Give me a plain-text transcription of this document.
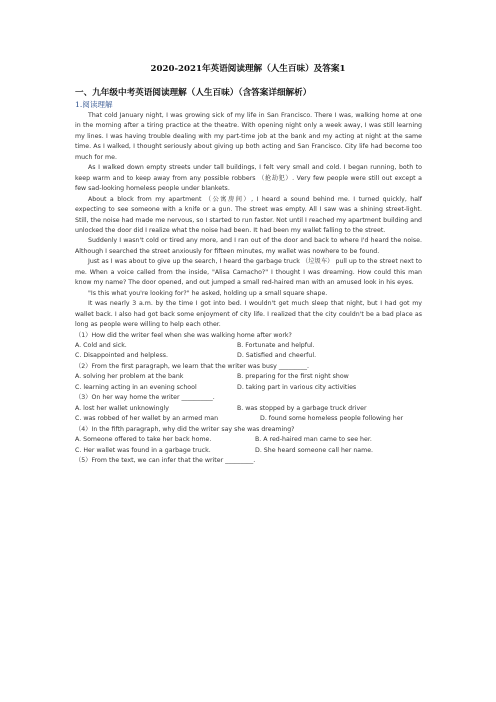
2020-2021年英语阅读理解（人生百味）及答案1
一、九年级中考英语阅读理解（人生百味）（含答案详细解析）
1.阅读理解

That cold January night, I was growing sick of my life in San Francisco. There I was, walking home at one in the morning after a tiring practice at the theatre. With opening night only a week away, I was still learning my lines. I was having trouble dealing with my part-time job at the bank and my acting at night at the same time. As I walked, I thought seriously about giving up both acting and San Francisco. City life had become too much for me.

As I walked down empty streets under tall buildings, I felt very small and cold. I began running, both to keep warm and to keep away from any possible robbers （抢劫犯）. Very few people were still out except a few sad-looking homeless people under blankets.

About a block from my apartment （公寓房间）, I heard a sound behind me. I turned quickly, half expecting to see someone with a knife or a gun. The street was empty. All I saw was a shining street-light. Still, the noise had made me nervous, so I started to run faster. Not until I reached my apartment building and unlocked the door did I realize what the noise had been. It had been my wallet falling to the street.

Suddenly I wasn't cold or tired any more, and I ran out of the door and back to where I'd heard the noise. Although I searched the street anxiously for fifteen minutes, my wallet was nowhere to be found.

Just as I was about to give up the search, I heard the garbage truck （垃圾车） pull up to the street next to me. When a voice called from the inside, "Alisa Camacho?" I thought I was dreaming. How could this man know my name? The door opened, and out jumped a small red-haired man with an amused look in his eyes.

"Is this what you're looking for?" he asked, holding up a small square shape.

It was nearly 3 a.m. by the time I got into bed. I wouldn't get much sleep that night, but I had got my wallet back. I also had got back some enjoyment of city life. I realized that the city couldn't be a bad place as long as people were willing to help each other.

（1）How did the writer feel when she was walking home after work?

A. Cold and sick.	B. Fortunate and helpful.
C. Disappointed and helpless.	D. Satisfied and cheerful.

（2）From the first paragraph, we learn that the writer was busy _________.

A. solving her problem at the bank	B. preparing for the first night show
C. learning acting in an evening school	D. taking part in various city activities

（3）On her way home the writer __________.

A. lost her wallet unknowingly	B. was stopped by a garbage truck driver
C. was robbed of her wallet by an armed man	D. found some homeless people following her

（4）In the fifth paragraph, why did the writer say she was dreaming?

A. Someone offered to take her back home.	B. A red-haired man came to see her.
C. Her wallet was found in a garbage truck.	D. She heard someone call her name.

（5）From the text, we can infer that the writer _________.
